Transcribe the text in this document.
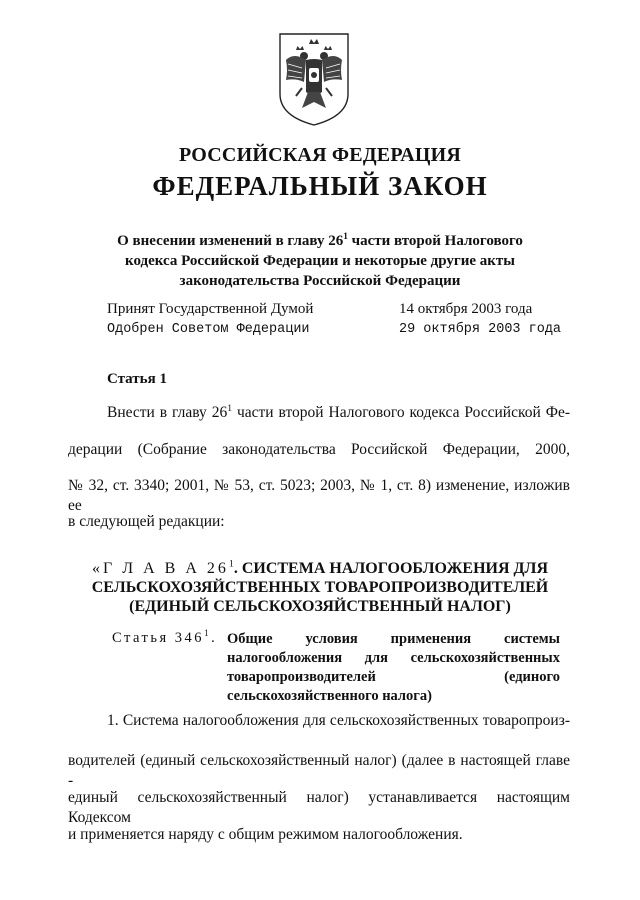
РОССИЙСКАЯ ФЕДЕРАЦИЯ
ФЕДЕРАЛЬНЫЙ ЗАКОН
О внесении изменений в главу $26^1$ части второй Налогового
кодекса Российской Федерации и некоторые другие акты
законодательства Российской Федерации
Принят Государственной Думой	14 октября 2003 года
Одобрен Советом Федерации	29 октября 2003 года
Статья 1
Внести в главу $26^1$ части второй Налогового кодекса Российской Фе-
дерации (Собрание законодательства Российской Федерации, 2000,
№ 32, ст. 3340; 2001, № 53, ст. 5023; 2003, № 1, ст. 8) изменение, изложив ее
в следующей редакции:
«Г Л А В А $26^1$. СИСТЕМА НАЛОГООБЛОЖЕНИЯ ДЛЯ
СЕЛЬСКОХОЗЯЙСТВЕННЫХ ТОВАРОПРОИЗВОДИТЕЛЕЙ
(ЕДИНЫЙ СЕЛЬСКОХОЗЯЙСТВЕННЫЙ НАЛОГ)
Статья $346^1$. Общие условия применения системы
налогообложения для сельскохозяйственных
товаропроизводителей (единого
сельскохозяйственного налога)
1. Система налогообложения для сельскохозяйственных товаропроиз-
водителей (единый сельскохозяйственный налог) (далее в настоящей главе -
единый сельскохозяйственный налог) устанавливается настоящим Кодексом
и применяется наряду с общим режимом налогообложения.
